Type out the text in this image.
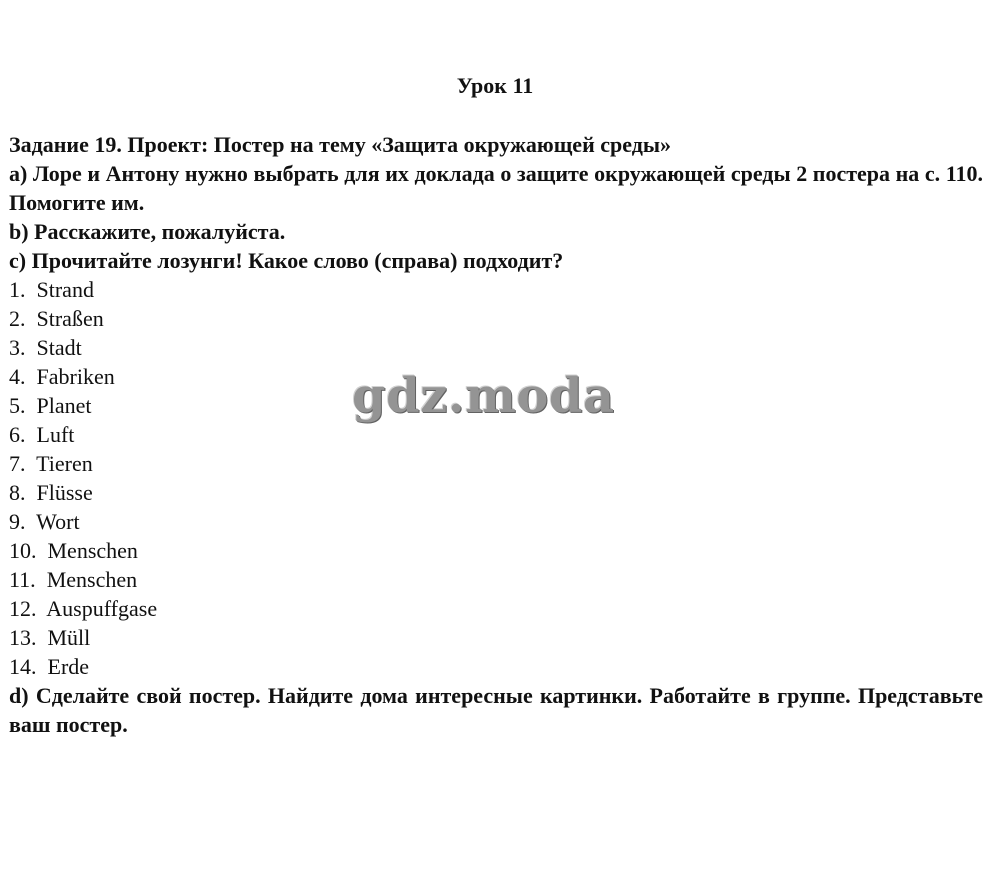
Урок 11

Задание 19. Проект: Постер на тему «Защита окружающей среды»

а) Лоре и Антону нужно выбрать для их доклада о защите окружающей среды 2 постера на с. 110. Помогите им.

b) Расскажите, пожалуйста.

c) Прочитайте лозунги! Какое слово (справа) подходит?

1. Strand
2. Straßen
3. Stadt
4. Fabriken
5. Planet
6. Luft
7. Tieren
8. Flüsse
9. Wort
10. Menschen
11. Menschen
12. Auspuffgase
13. Müll
14. Erde

d) Сделайте свой постер. Найдите дома интересные картинки. Работайте в группе. Представьте ваш постер.

gdz.moda
